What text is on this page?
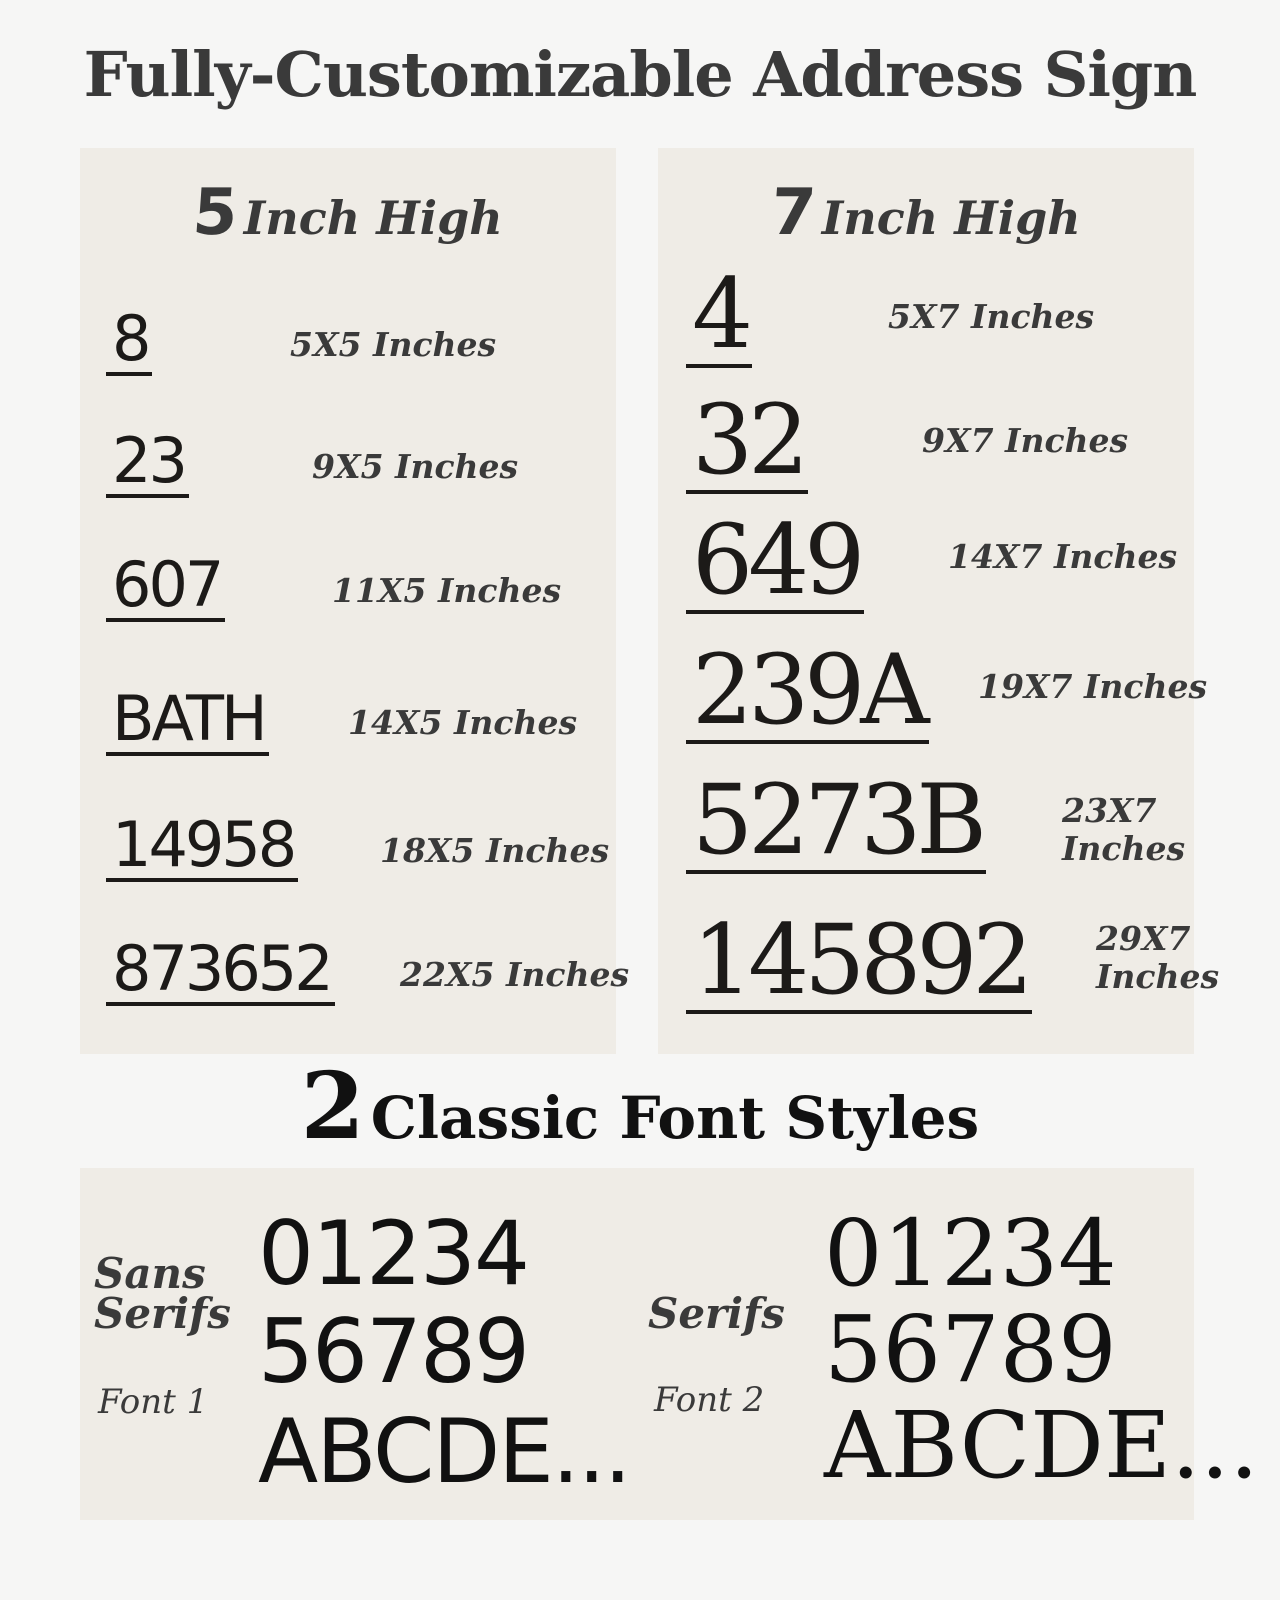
Fully-Customizable Address Sign
5Inch High
8	5X5 Inches
23	9X5 Inches
607	11X5 Inches
BATH	14X5 Inches
14958	18X5 Inches
873652 22X5 Inches
7Inch High
4	5X7 Inches
32	9X7 Inches
649	14X7 Inches
239A 19X7 Inches
5273B 23X7 Inches
145892 29X7 Inches
2 Classic Font Styles
Sans Serifs
Font 1
01234
56789
ABCDE...
Serifs
Font 2
01234
56789
ABCDE...
